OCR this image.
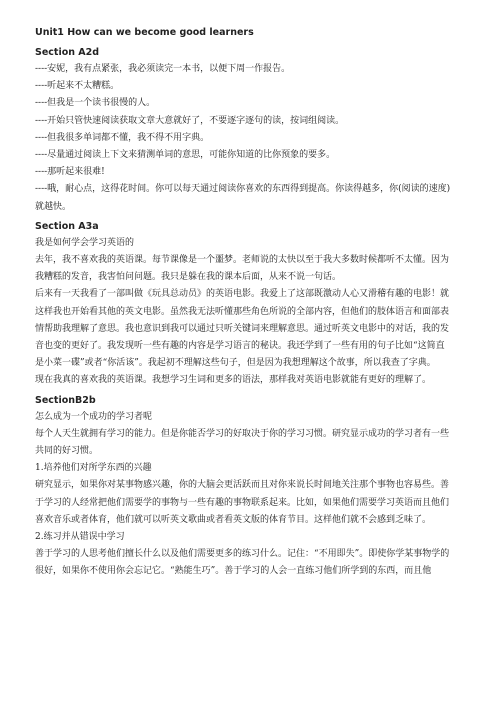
Unit1 How can we become good learners

Section A2d

----安妮，我有点紧张，我必须读完一本书，以便下周一作报告。

----听起来不太糟糕。

----但我是一个读书很慢的人。

----开始只管快速阅读获取文章大意就好了，不要逐字逐句的读，按词组阅读。

----但我很多单词都不懂，我不得不用字典。

----尽量通过阅读上下文来猜测单词的意思，可能你知道的比你预象的要多。

----那听起来很难!

----哦，耐心点，这得花时间。你可以每天通过阅读你喜欢的东西得到提高。你读得越多，你(阅读的速度)就越快。

Section A3a

我是如何学会学习英语的

去年，我不喜欢我的英语课。每节课像是一个噩梦。老师说的太快以至于我大多数时候都听不太懂。因为我糟糕的发音，我害怕问问题。我只是躲在我的课本后面，从来不说一句话。

后来有一天我看了一部叫做《玩具总动员》的英语电影。我爱上了这部既激动人心又滑稽有趣的电影！就这样我也开始看其他的英文电影。虽然我无法听懂那些角色所说的全部内容，但他们的肢体语言和面部表情帮助我理解了意思。我也意识到我可以通过只听关键词来理解意思。通过听英文电影中的对话，我的发音也变的更好了。我发现听一些有趣的内容是学习语言的秘诀。我还学到了一些有用的句子比如“这简直是小菜一碟”或者“你活该”。我起初不理解这些句子，但是因为我想理解这个故事，所以我查了字典。

现在我真的喜欢我的英语课。我想学习生词和更多的语法，那样我对英语电影就能有更好的理解了。

SectionB2b

怎么成为一个成功的学习者呢

每个人天生就拥有学习的能力。但是你能否学习的好取决于你的学习习惯。研究显示成功的学习者有一些共同的好习惯。

1.培养他们对所学东西的兴趣

研究显示，如果你对某事物感兴趣，你的大脑会更活跃而且对你来说长时间地关注那个事物也容易些。善于学习的人经常把他们需要学的事物与一些有趣的事物联系起来。比如，如果他们需要学习英语而且他们喜欢音乐或者体育，他们就可以听英文歌曲或者看英文版的体育节目。这样他们就不会感到乏味了。

2.练习并从错误中学习

善于学习的人思考他们擅长什么以及他们需要更多的练习什么。记住：“不用即失”。即使你学某事物学的很好，如果你不使用你会忘记它。“熟能生巧”。善于学习的人会一直练习他们所学到的东西，而且他
